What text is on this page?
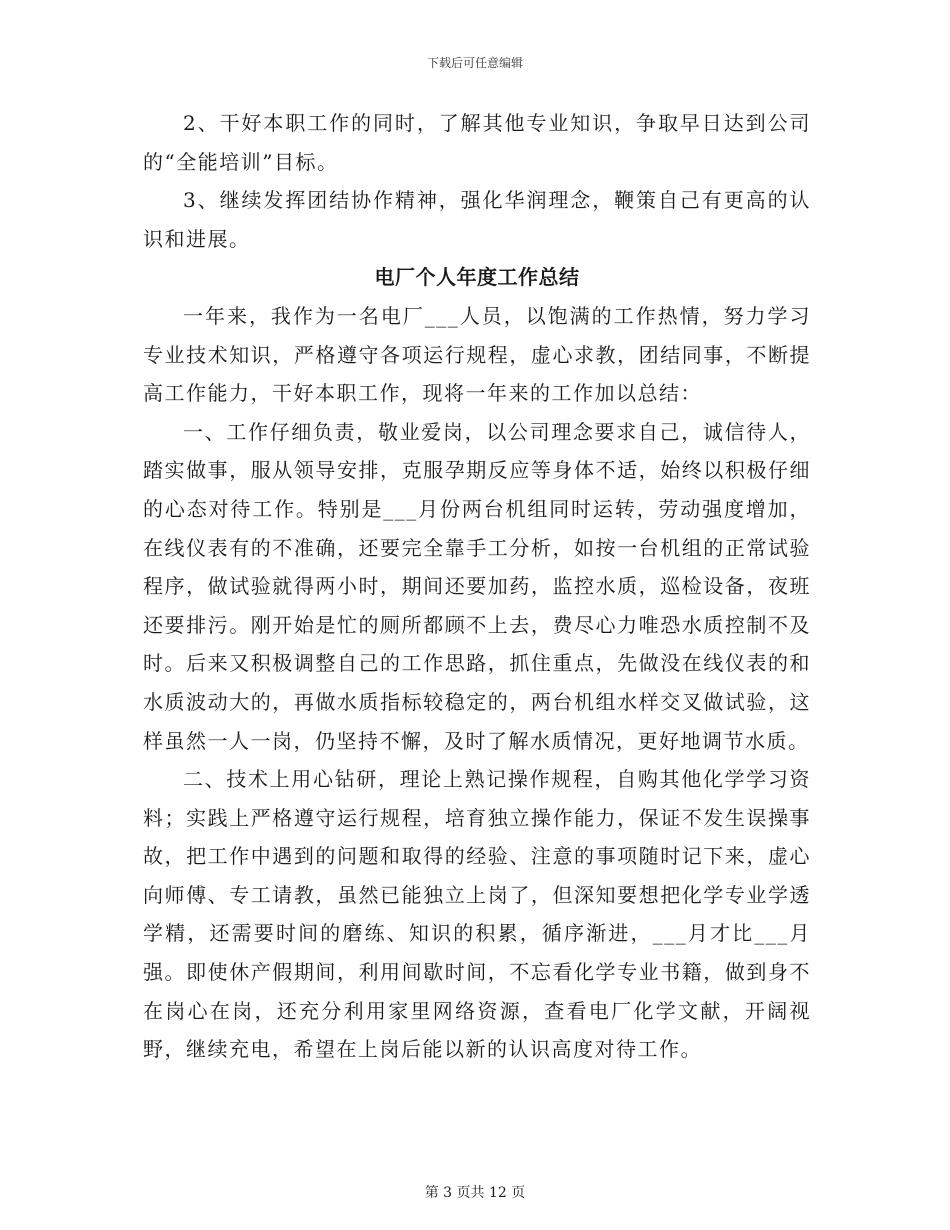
下载后可任意编辑

2、干好本职工作的同时，了解其他专业知识，争取早日达到公司的“全能培训”目标。

3、继续发挥团结协作精神，强化华润理念，鞭策自己有更高的认识和进展。

电厂个人年度工作总结

一年来，我作为一名电厂___人员，以饱满的工作热情，努力学习专业技术知识，严格遵守各项运行规程，虚心求教，团结同事，不断提高工作能力，干好本职工作，现将一年来的工作加以总结：

一、工作仔细负责，敬业爱岗，以公司理念要求自己，诚信待人，踏实做事，服从领导安排，克服孕期反应等身体不适，始终以积极仔细的心态对待工作。特别是___月份两台机组同时运转，劳动强度增加，在线仪表有的不准确，还要完全靠手工分析，如按一台机组的正常试验程序，做试验就得两小时，期间还要加药，监控水质，巡检设备，夜班还要排污。刚开始是忙的厕所都顾不上去，费尽心力唯恐水质控制不及时。后来又积极调整自己的工作思路，抓住重点，先做没在线仪表的和水质波动大的，再做水质指标较稳定的，两台机组水样交叉做试验，这样虽然一人一岗，仍坚持不懈，及时了解水质情况，更好地调节水质。

二、技术上用心钻研，理论上熟记操作规程，自购其他化学学习资料；实践上严格遵守运行规程，培育独立操作能力，保证不发生误操事故，把工作中遇到的问题和取得的经验、注意的事项随时记下来，虚心向师傅、专工请教，虽然已能独立上岗了，但深知要想把化学专业学透学精，还需要时间的磨练、知识的积累，循序渐进，___月才比___月强。即使休产假期间，利用间歇时间，不忘看化学专业书籍，做到身不在岗心在岗，还充分利用家里网络资源，查看电厂化学文献，开阔视野，继续充电，希望在上岗后能以新的认识高度对待工作。

第 3 页共 12 页
